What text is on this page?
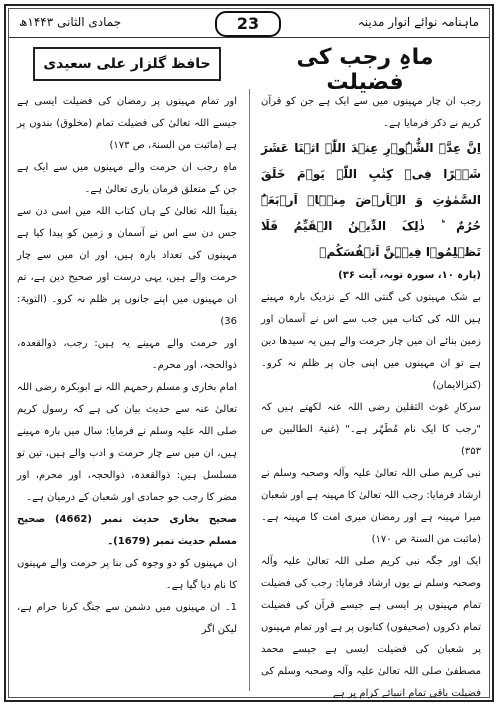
ماہنامہ نوائے انوار مدینہ
جمادی الثانی ۱۴۴۳ھ	23
ماہِ رجب کی فضیلت
حافظ گلزار علی سعیدی

رجب ان چار مہینوں میں سے ایک ہے جن کو قرآن کریم نے ذکر فرمایا ہے۔

اِنَّ عِدَّۃَ الشُّہُوۡرِ عِنۡدَ اللّٰہِ اثۡنَا عَشَرَ شَہۡرًا فِیۡ کِتٰبِ اللّٰہِ یَوۡمَ خَلَقَ السَّمٰوٰتِ وَ الۡاَرۡضَ مِنۡہَاۤ اَرۡبَعَۃٌ حُرُمٌ ؕ ذٰلِکَ الدِّیۡنُ الۡقَیِّمُ فَلَا تَظۡلِمُوۡا فِیۡہِنَّ اَنۡفُسَکُمۡ

(پارہ ۱۰، سورہ توبہ، آیت ۳۶)

بے شک مہینوں کی گنتی اللہ کے نزدیک بارہ مہینے ہیں اللہ کی کتاب میں جب سے اس نے آسمان اور زمین بنائے ان میں چار حرمت والے ہیں یہ سیدھا دین ہے تو ان مہینوں میں اپنی جان پر ظلم نہ کرو۔ (کنزالایمان)

سرکارِ غوث الثقلین رضی اللہ عنہ لکھتے ہیں کہ "رجب کا ایک نام مُطَہَّر ہے۔" (غنیۃ الطالبین ص ۳۵۳)

نبی کریم صلی اللہ تعالیٰ علیہ وآلہ وصحبہ وسلم نے ارشاد فرمایا: رجب اللہ تعالیٰ کا مہینہ ہے اور شعبان میرا مہینہ ہے اور رمضان میری امت کا مہینہ ہے۔ (ماثبت من السنۃ ص ۱۷۰)

ایک اور جگہ نبی کریم صلی اللہ تعالیٰ علیہ وآلہ وصحبہ وسلم نے یوں ارشاد فرمایا: رجب کی فضیلت تمام مہینوں پر ایسی ہے جیسے قرآن کی فضیلت تمام ذکروں (صحیفوں) کتابوں پر ہے اور تمام مہینوں پر شعبان کی فضیلت ایسی ہے جیسے محمد مصطفیٰ صلی اللہ تعالیٰ علیہ وآلہ وصحبہ وسلم کی فضیلت باقی تمام انبیائے کرام پر ہے

اور تمام مہینوں پر رمضان کی فضیلت ایسی ہے جیسے اللہ تعالیٰ کی فضیلت تمام (مخلوق) بندوں پر ہے (ماثبت من السنۃ، ص ۱۷۳)

ماہِ رجب ان حرمت والے مہینوں میں سے ایک ہے جن کے متعلق فرمان باری تعالیٰ ہے۔

یقیناً اللہ تعالیٰ کے ہاں کتاب اللہ میں اسی دن سے جس دن سے اس نے آسمان و زمین کو پیدا کیا ہے مہینوں کی تعداد بارہ ہیں، اور ان میں سے چار حرمت والے ہیں، یہی درست اور صحیح دین ہے، تم ان مہینوں میں اپنے جانوں پر ظلم نہ کرو۔ (التوبۃ: 36)

اور حرمت والے مہینے یہ ہیں: رجب، ذوالقعدہ، ذوالحجہ، اور محرم۔

امام بخاری و مسلم رحمہم اللہ نے ابوبکرہ رضی اللہ تعالیٰ عنہ سے حدیث بیان کی ہے کہ رسول کریم صلی اللہ علیہ وسلم نے فرمایا: سال میں بارہ مہینے ہیں، ان میں سے چار حرمت و ادب والے ہیں، تین تو مسلسل ہیں: ذوالقعدہ، ذوالحجہ، اور محرم، اور مضر کا رجب جو جمادی اور شعبان کے درمیان ہے۔

صحیح بخاری حدیث نمبر (4662) صحیح مسلم حدیث نمبر (1679)۔

ان مہینوں کو دو وجوہ کی بنا پر حرمت والے مہینوں کا نام دیا گیا ہے۔

1۔ ان مہینوں میں دشمن سے جنگ کرنا حرام ہے، لیکن اگر
